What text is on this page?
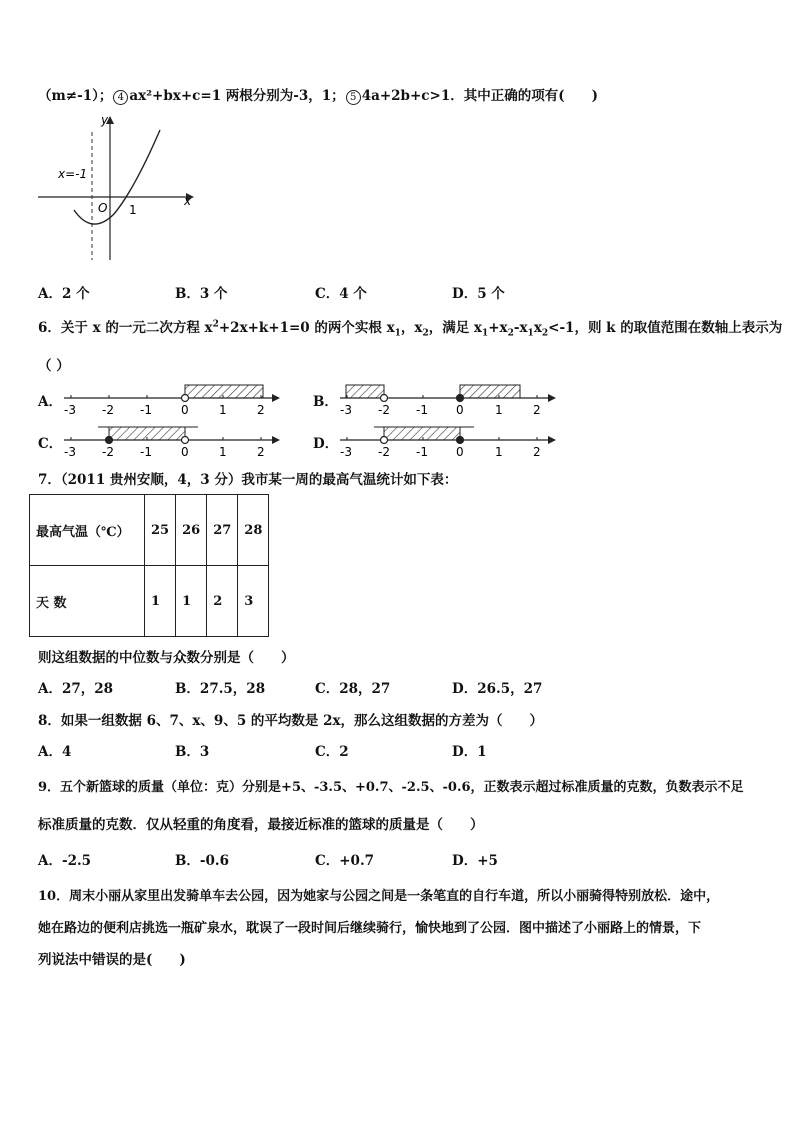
（m≠-1）； 4 ax²+bx+c=1 两根分别为-3，1； 5 4a+2b+c>1．其中正确的项有(　　)
y
x
O 1
x=-1
A．2 个	B．3 个	C．4 个	D．5 个
6．关于 x 的一元二次方程 $x^2+2x+k+1=0$ 的两个实根 $x_1$，$x_2$，满足 $x_1+x_2-x_1x_2<-1$，则 k 的取值范围在数轴上表示为
（ ）
A． -3 -2 -1 0	1	2	B． -3 -2 -1 0	1	2
C． -3 -2 -1 0	1	2	D． -3 -2 -1 0	1	2
7．（2011 贵州安顺，4，3 分）我市某一周的最高气温统计如下表：
最高气温（℃）	25	26	27	28
天 数	1	1	2	3
则这组数据的中位数与众数分别是（　　）
A．27，28	B．27.5，28	C．28，27	D．26.5，27
8．如果一组数据 6、7、x、9、5 的平均数是 2x，那么这组数据的方差为（　　）
A．4	B．3	C．2	D．1
9．五个新篮球的质量（单位：克）分别是+5、-3.5、+0.7、-2.5、-0.6，正数表示超过标准质量的克数，负数表示不足
标准质量的克数．仅从轻重的角度看，最接近标准的篮球的质量是（　　）
A．-2.5	B．-0.6	C．+0.7	D．+5
10．周末小丽从家里出发骑单车去公园，因为她家与公园之间是一条笔直的自行车道，所以小丽骑得特别放松．途中，
她在路边的便利店挑选一瓶矿泉水，耽误了一段时间后继续骑行，愉快地到了公园．图中描述了小丽路上的情景，下
列说法中错误的是(　　)
